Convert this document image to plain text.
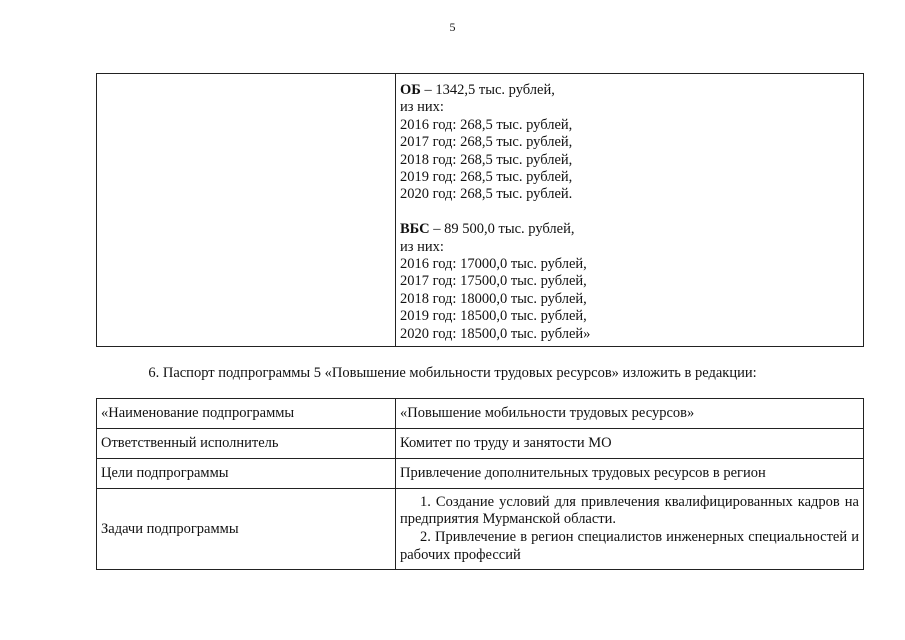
5

ОБ – 1342,5 тыс. рублей,
из них:
2016 год: 268,5 тыс. рублей,
2017 год: 268,5 тыс. рублей,
2018 год: 268,5 тыс. рублей,
2019 год: 268,5 тыс. рублей,
2020 год: 268,5 тыс. рублей.
ВБС – 89 500,0 тыс. рублей,
из них:
2016 год: 17000,0 тыс. рублей,
2017 год: 17500,0 тыс. рублей,
2018 год: 18000,0 тыс. рублей,
2019 год: 18500,0 тыс. рублей,
2020 год: 18500,0 тыс. рублей»
6. Паспорт подпрограммы 5 «Повышение мобильности трудовых ресурсов» изложить в редакции:
«Наименование подпрограммы	«Повышение мобильности трудовых ресурсов»
Ответственный исполнитель	Комитет по труду и занятости МО
Цели подпрограммы	Привлечение дополнительных трудовых ресурсов в регион
Задачи подпрограммы	1. Создание условий для привлечения квалифицированных кадров на предприятия Мурманской области.

2. Привлечение в регион специалистов инженерных специальностей и рабочих профессий
